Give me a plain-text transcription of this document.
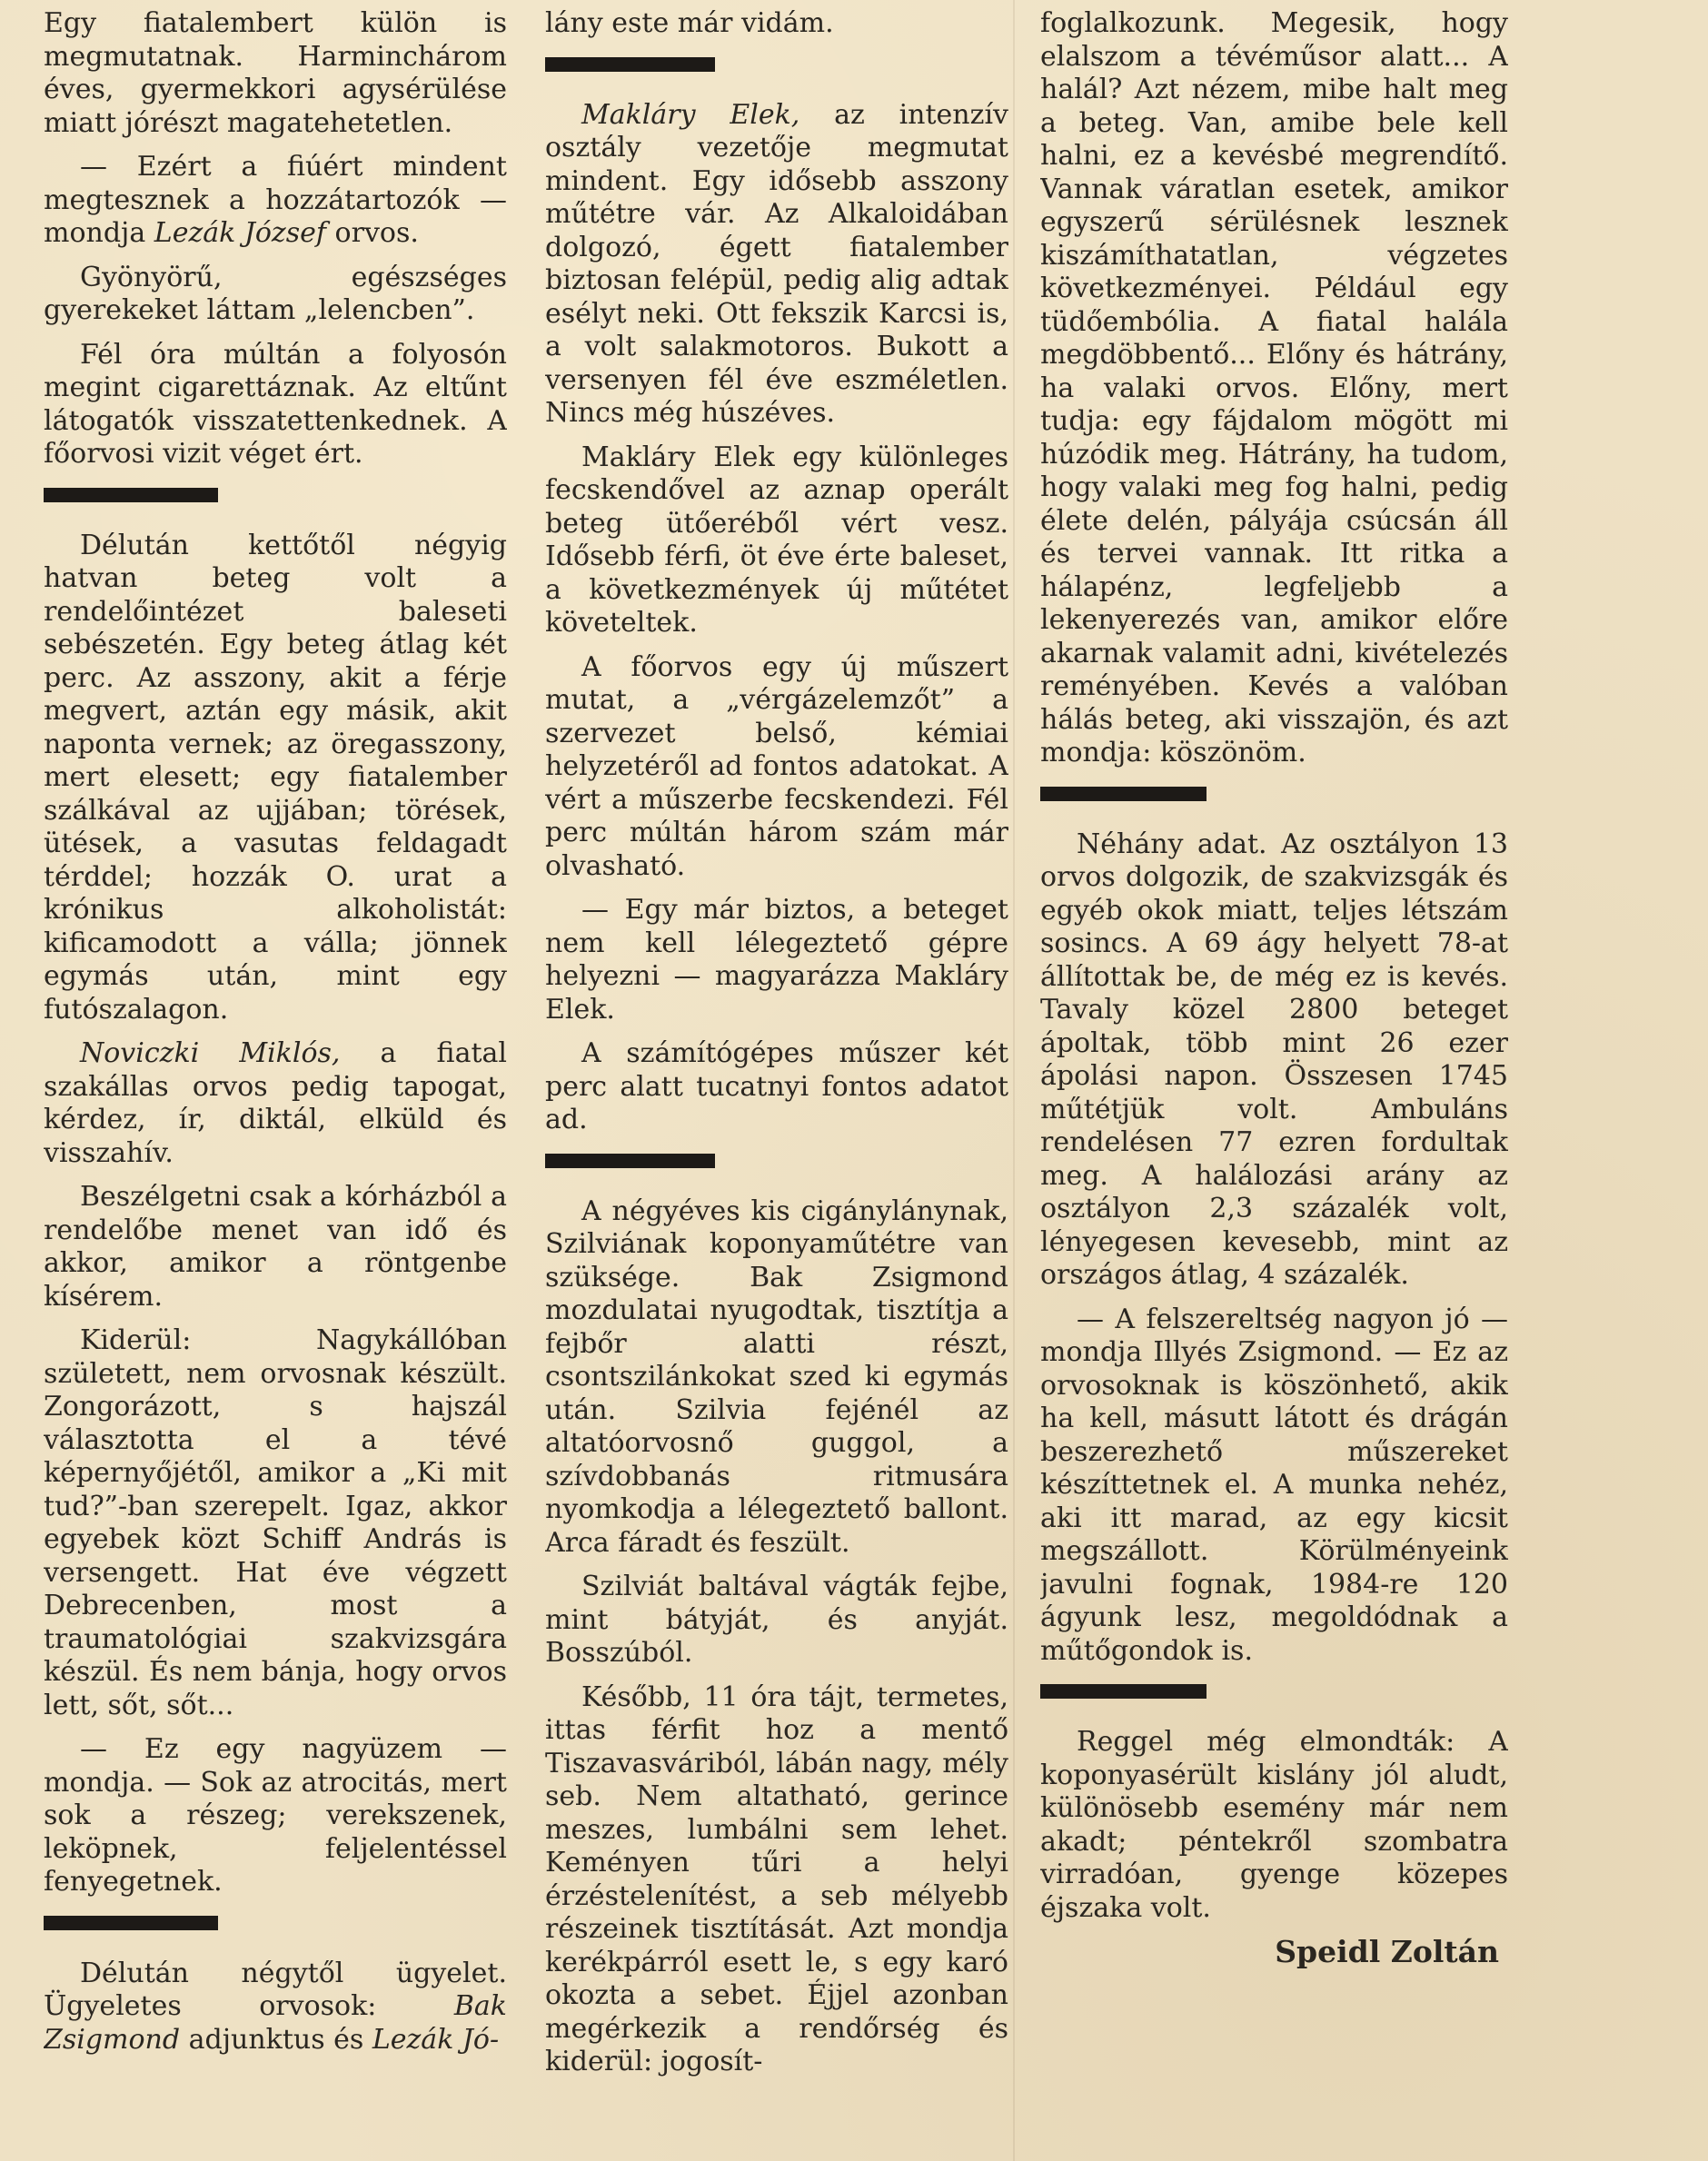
Egy fiatalembert külön is megmutatnak. Harminchárom éves, gyermekkori agysérülése miatt jórészt magatehetetlen.

— Ezért a fiúért mindent megtesznek a hozzátartozók — mondja Lezák József orvos.

Gyönyörű, egészséges gyerekeket láttam „lelencben”.

Fél óra múltán a folyosón megint cigarettáznak. Az eltűnt látogatók visszatettenkednek. A főorvosi vizit véget ért.

Délután kettőtől négyig hatvan beteg volt a rendelőintézet baleseti sebészetén. Egy beteg átlag két perc. Az asszony, akit a férje megvert, aztán egy másik, akit naponta vernek; az öregasszony, mert elesett; egy fiatalember szálkával az ujjában; törések, ütések, a vasutas feldagadt térddel; hozzák O. urat a krónikus alkoholistát: kificamodott a válla; jönnek egymás után, mint egy futószalagon.

Noviczki Miklós, a fiatal szakállas orvos pedig tapogat, kérdez, ír, diktál, elküld és visszahív.

Beszélgetni csak a kórházból a rendelőbe menet van idő és akkor, amikor a röntgenbe kísérem.

Kiderül: Nagykállóban született, nem orvosnak készült. Zongorázott, s hajszál választotta el a tévé képernyőjétől, amikor a „Ki mit tud?”-ban szerepelt. Igaz, akkor egyebek közt Schiff András is versengett. Hat éve végzett Debrecenben, most a traumatológiai szakvizsgára készül. És nem bánja, hogy orvos lett, sőt, sőt...

— Ez egy nagyüzem — mondja. — Sok az atrocitás, mert sok a részeg; verekszenek, leköpnek, feljelentéssel fenyegetnek.

Délután négytől ügyelet. Ügyeletes orvosok: Bak Zsigmond adjunktus és Lezák Jó-

lány este már vidám.

Makláry Elek, az intenzív osztály vezetője megmutat mindent. Egy idősebb asszony műtétre vár. Az Alkaloidában dolgozó, égett fiatalember biztosan felépül, pedig alig adtak esélyt neki. Ott fekszik Karcsi is, a volt salakmotoros. Bukott a versenyen fél éve eszméletlen. Nincs még húszéves.

Makláry Elek egy különleges fecskendővel az aznap operált beteg ütőeréből vért vesz. Idősebb férfi, öt éve érte baleset, a következmények új műtétet követeltek.

A főorvos egy új műszert mutat, a „vérgázelemzőt” a szervezet belső, kémiai helyzetéről ad fontos adatokat. A vért a műszerbe fecskendezi. Fél perc múltán három szám már olvasható.

— Egy már biztos, a beteget nem kell lélegeztető gépre helyezni — magyarázza Makláry Elek.

A számítógépes műszer két perc alatt tucatnyi fontos adatot ad.

A négyéves kis cigánylánynak, Szilviának koponyaműtétre van szüksége. Bak Zsigmond mozdulatai nyugodtak, tisztítja a fejbőr alatti részt, csontszilánkokat szed ki egymás után. Szilvia fejénél az altatóorvosnő guggol, a szívdobbanás ritmusára nyomkodja a lélegeztető ballont. Arca fáradt és feszült.

Szilviát baltával vágták fejbe, mint bátyját, és anyját. Bosszúból.

Később, 11 óra tájt, termetes, ittas férfit hoz a mentő Tiszavasváriból, lábán nagy, mély seb. Nem altatható, gerince meszes, lumbálni sem lehet. Keményen tűri a helyi érzéstelenítést, a seb mélyebb részeinek tisztítását. Azt mondja kerékpárról esett le, s egy karó okozta a sebet. Éjjel azonban megérkezik a rendőrség és kiderül: jogosít-

foglalkozunk. Megesik, hogy elalszom a tévéműsor alatt... A halál? Azt nézem, mibe halt meg a beteg. Van, amibe bele kell halni, ez a kevésbé megrendítő. Vannak váratlan esetek, amikor egyszerű sérülésnek lesznek kiszámíthatatlan, végzetes következményei. Például egy tüdőembólia. A fiatal halála megdöbbentő... Előny és hátrány, ha valaki orvos. Előny, mert tudja: egy fájdalom mögött mi húzódik meg. Hátrány, ha tudom, hogy valaki meg fog halni, pedig élete delén, pályája csúcsán áll és tervei vannak. Itt ritka a hálapénz, legfeljebb a lekenyerezés van, amikor előre akarnak valamit adni, kivételezés reményében. Kevés a valóban hálás beteg, aki visszajön, és azt mondja: köszönöm.

Néhány adat. Az osztályon 13 orvos dolgozik, de szakvizsgák és egyéb okok miatt, teljes létszám sosincs. A 69 ágy helyett 78-at állítottak be, de még ez is kevés. Tavaly közel 2800 beteget ápoltak, több mint 26 ezer ápolási napon. Összesen 1745 műtétjük volt. Ambuláns rendelésen 77 ezren fordultak meg. A halálozási arány az osztályon 2,3 százalék volt, lényegesen kevesebb, mint az országos átlag, 4 százalék.

— A felszereltség nagyon jó — mondja Illyés Zsigmond. — Ez az orvosoknak is köszönhető, akik ha kell, másutt látott és drágán beszerezhető műszereket készíttetnek el. A munka nehéz, aki itt marad, az egy kicsit megszállott. Körülményeink javulni fognak, 1984-re 120 ágyunk lesz, megoldódnak a műtőgondok is.

Reggel még elmondták: A koponyasérült kislány jól aludt, különösebb esemény már nem akadt; péntekről szombatra virradóan, gyenge közepes éjszaka volt.

Speidl Zoltán
